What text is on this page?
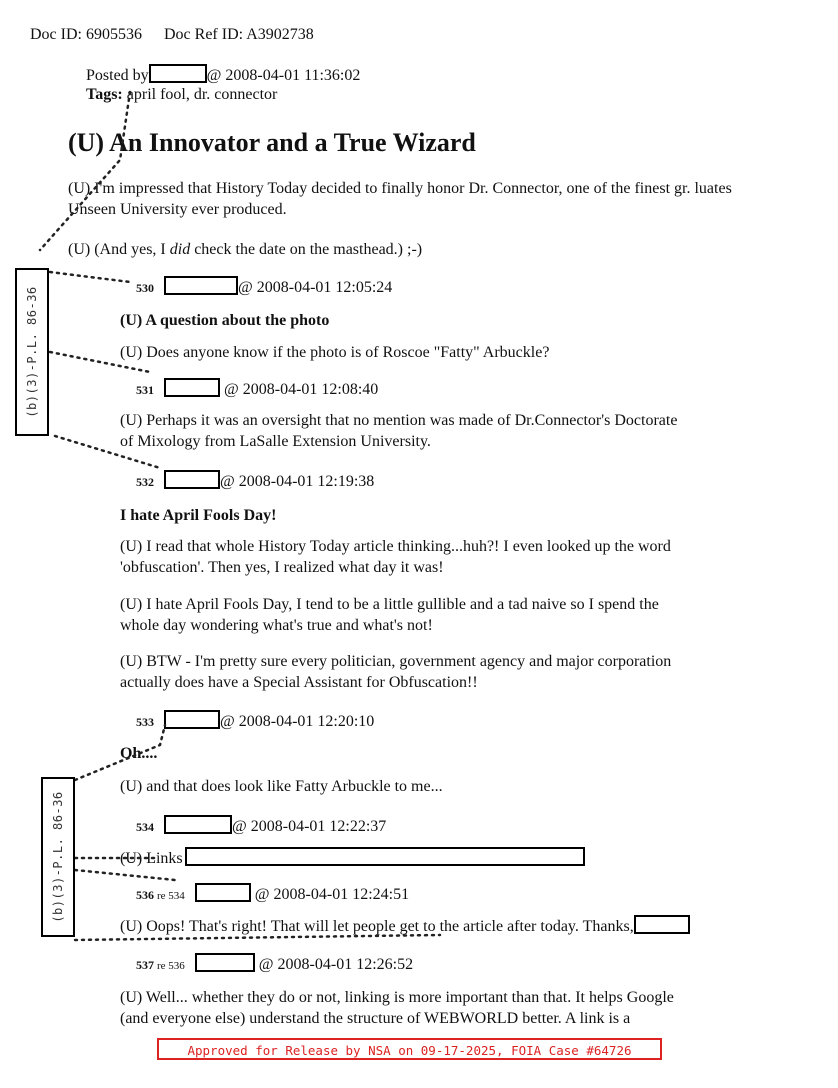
Doc ID: 6905536 Doc Ref ID: A3902738
Posted by	@ 2008-04-01 11:36:02
Tags: april fool, dr. connector
(U) An Innovator and a True Wizard
(U) I'm impressed that History Today decided to finally honor Dr. Connector, one of the finest gr. luates
Unseen University ever produced.
(U) (And yes, I did check the date on the masthead.) ;-)
530	@ 2008-04-01 12:05:24
(U) A question about the photo
(U) Does anyone know if the photo is of Roscoe "Fatty" Arbuckle?
531	@ 2008-04-01 12:08:40
(U) Perhaps it was an oversight that no mention was made of Dr.Connector's Doctorate
of Mixology from LaSalle Extension University.
532	@ 2008-04-01 12:19:38
I hate April Fools Day!
(U) I read that whole History Today article thinking...huh?! I even looked up the word
'obfuscation'. Then yes, I realized what day it was!
(U) I hate April Fools Day, I tend to be a little gullible and a tad naive so I spend the
whole day wondering what's true and what's not!
(U) BTW - I'm pretty sure every politician, government agency and major corporation
actually does have a Special Assistant for Obfuscation!!
533	@ 2008-04-01 12:20:10
Oh....
(U) and that does look like Fatty Arbuckle to me...
534	@ 2008-04-01 12:22:37
(U) Links
536 re 534	@ 2008-04-01 12:24:51
(U) Oops! That's right! That will let people get to the article after today. Thanks,
537 re 536	@ 2008-04-01 12:26:52
(U) Well... whether they do or not, linking is more important than that. It helps Google
(and everyone else) understand the structure of WEBWORLD better. A link is a
(b)(3)-P.L. 86-36
(b)(3)-P.L. 86-36
Approved for Release by NSA on 09-17-2025, FOIA Case #64726
